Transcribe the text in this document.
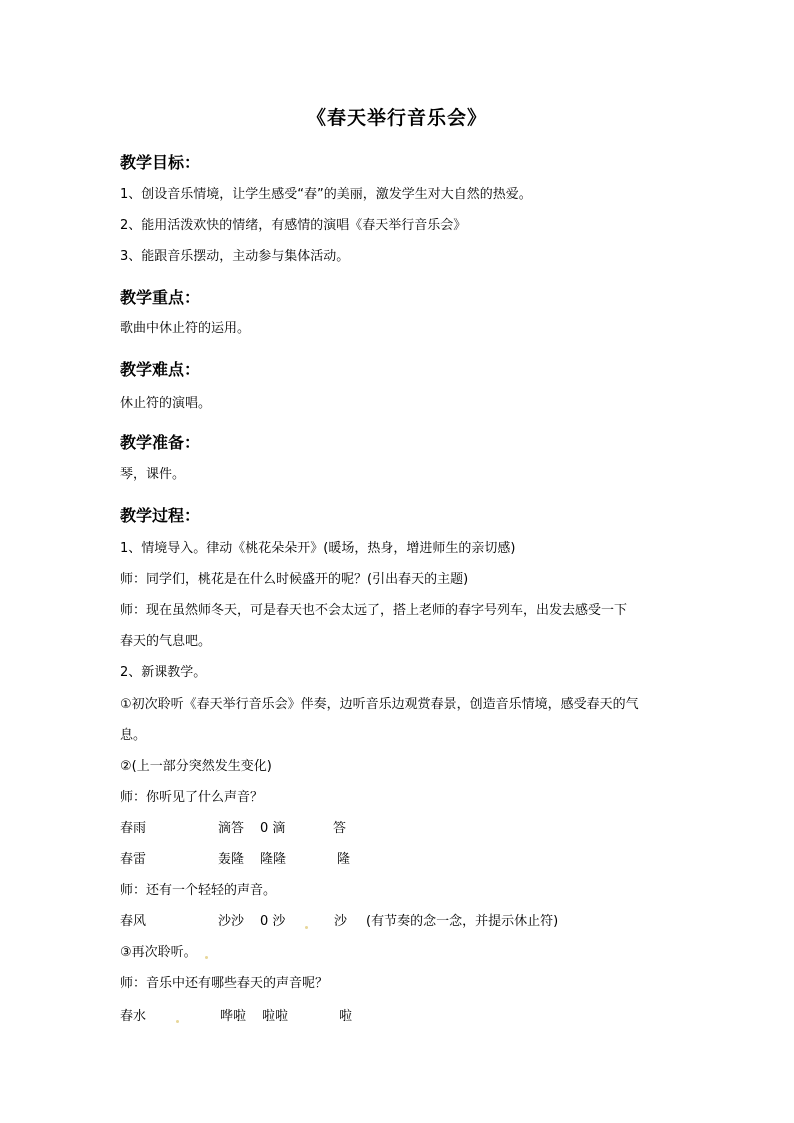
《春天举行音乐会》
教学目标：
1、创设音乐情境，让学生感受“春”的美丽，激发学生对大自然的热爱。
2、能用活泼欢快的情绪，有感情的演唱《春天举行音乐会》
3、能跟音乐摆动，主动参与集体活动。
教学重点：
歌曲中休止符的运用。
教学难点：
休止符的演唱。
教学准备：
琴，课件。
教学过程：
1、情境导入。律动《桃花朵朵开》(暖场，热身，增进师生的亲切感)
师：同学们，桃花是在什么时候盛开的呢？(引出春天的主题)
师：现在虽然师冬天，可是春天也不会太远了，搭上老师的春字号列车，出发去感受一下
春天的气息吧。
2、新课教学。
①初次聆听《春天举行音乐会》伴奏，边听音乐边观赏春景，创造音乐情境，感受春天的气
息。
②(上一部分突然发生变化)
师：你听见了什么声音？
春雨	滴答 0 滴	答
春雷	轰隆 隆隆	隆
师：还有一个轻轻的声音。
春风	沙沙 0 沙	沙 (有节奏的念一念，并提示休止符)
③再次聆听。
师：音乐中还有哪些春天的声音呢？
春水	哗啦 啦啦	啦
